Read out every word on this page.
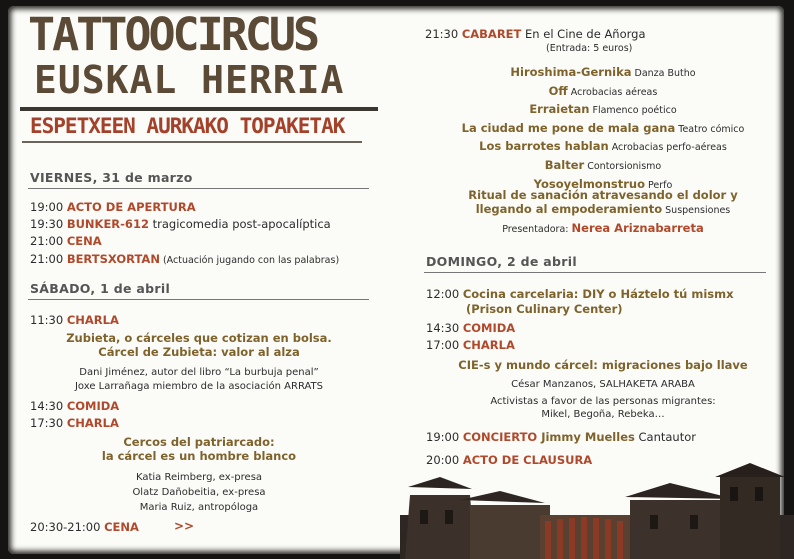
TATTOOCIRCUS
EUSKAL HERRIA
ESPETXEEN AURKAKO TOPAKETAK
VIERNES, 31 de marzo
19:00 ACTO DE APERTURA
19:30 BUNKER-612 tragicomedia post-apocalíptica
21:00 CENA
21:00 BERTSXORTAN (Actuación jugando con las palabras)
SÁBADO, 1 de abril
11:30 CHARLA
Zubieta, o cárceles que cotizan en bolsa.
Cárcel de Zubieta: valor al alza
Dani Jiménez, autor del libro “La burbuja penal”
Joxe Larrañaga miembro de la asociación ARRATS
14:30 COMIDA
17:30 CHARLA
Cercos del patriarcado:
la cárcel es un hombre blanco
Katia Reimberg, ex-presa
Olatz Dañobeitia, ex-presa
Maria Ruiz, antropóloga
20:30-21:00 CENA	>>
21:30 CABARET En el Cine de Añorga
(Entrada: 5 euros)
Hiroshima-Gernika Danza Butho
Off Acrobacias aéreas
Erraietan Flamenco poético
La ciudad me pone de mala gana Teatro cómico
Los barrotes hablan Acrobacias perfo-aéreas
Balter Contorsionismo
Yosoyelmonstruo Perfo
Ritual de sanación atravesando el dolor y
llegando al empoderamiento Suspensiones
Presentadora: Nerea Ariznabarreta
DOMINGO, 2 de abril
12:00 Cocina carcelaria: DIY o Háztelo tú mismx
(Prison Culinary Center)
14:30 COMIDA
17:00 CHARLA
CIE-s y mundo cárcel: migraciones bajo llave
César Manzanos, SALHAKETA ARABA
Activistas a favor de las personas migrantes:
Mikel, Begoña, Rebeka…
19:00 CONCIERTO Jimmy Muelles Cantautor
20:00 ACTO DE CLAUSURA
